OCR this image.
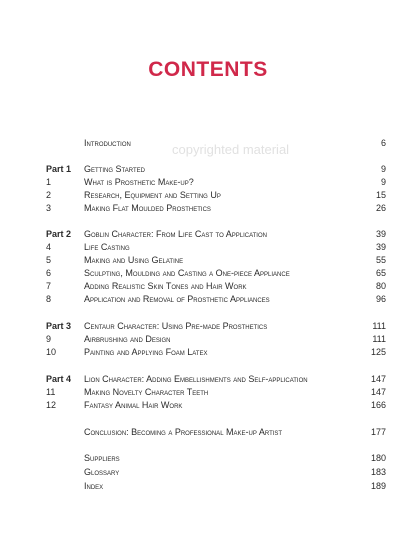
CONTENTS
copyrighted material
Introduction	6
Part 1 Getting Started	9
1	What is Prosthetic Make-up?	9
2	Research, Equipment and Setting Up	15
3	Making Flat Moulded Prosthetics	26
Part 2 Goblin Character: From Life Cast to Application	39
4	Life Casting	39
5	Making and Using Gelatine	55
6	Sculpting, Moulding and Casting a One-piece Appliance	65
7	Adding Realistic Skin Tones and Hair Work	80
8	Application and Removal of Prosthetic Appliances	96
Part 3 Centaur Character: Using Pre-made Prosthetics	111
9	Airbrushing and Design	111
10	Painting and Applying Foam Latex	125
Part 4 Lion Character: Adding Embellishments and Self-application	147
11	Making Novelty Character Teeth	147
12	Fantasy Animal Hair Work	166
Conclusion: Becoming a Professional Make-up Artist	177
Suppliers	180
Glossary	183
Index	189
